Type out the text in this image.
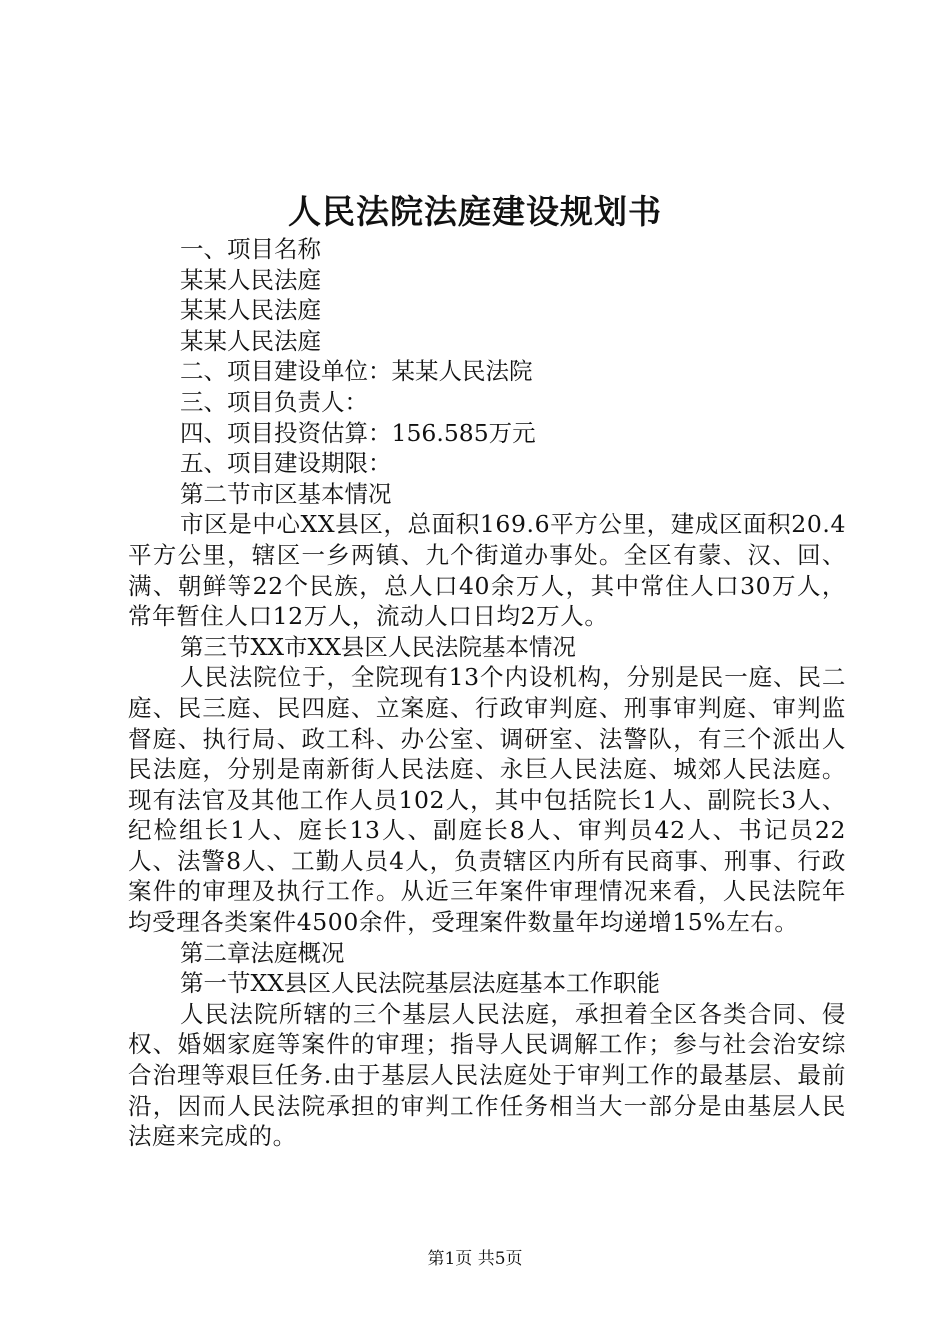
人民法院法庭建设规划书

一、项目名称

某某人民法庭

某某人民法庭

某某人民法庭

二、项目建设单位：某某人民法院

三、项目负责人：

四、项目投资估算：156.585万元

五、项目建设期限：

第二节市区基本情况

市区是中心XX县区，总面积169.6平方公里，建成区面积20.4平方公里，辖区一乡两镇、九个街道办事处。全区有蒙、汉、回、满、朝鲜等22个民族，总人口40余万人，其中常住人口30万人，常年暂住人口12万人，流动人口日均2万人。

第三节XX市XX县区人民法院基本情况

人民法院位于，全院现有13个内设机构，分别是民一庭、民二庭、民三庭、民四庭、立案庭、行政审判庭、刑事审判庭、审判监督庭、执行局、政工科、办公室、调研室、法警队，有三个派出人民法庭，分别是南新街人民法庭、永巨人民法庭、城郊人民法庭。现有法官及其他工作人员102人，其中包括院长1人、副院长3人、纪检组长1人、庭长13人、副庭长8人、审判员42人、书记员22人、法警8人、工勤人员4人，负责辖区内所有民商事、刑事、行政案件的审理及执行工作。从近三年案件审理情况来看，人民法院年均受理各类案件4500余件，受理案件数量年均递增15%左右。

第二章法庭概况

第一节XX县区人民法院基层法庭基本工作职能

人民法院所辖的三个基层人民法庭，承担着全区各类合同、侵权、婚姻家庭等案件的审理；指导人民调解工作；参与社会治安综合治理等艰巨任务.由于基层人民法庭处于审判工作的最基层、最前沿，因而人民法院承担的审判工作任务相当大一部分是由基层人民法庭来完成的。

第1页 共5页
